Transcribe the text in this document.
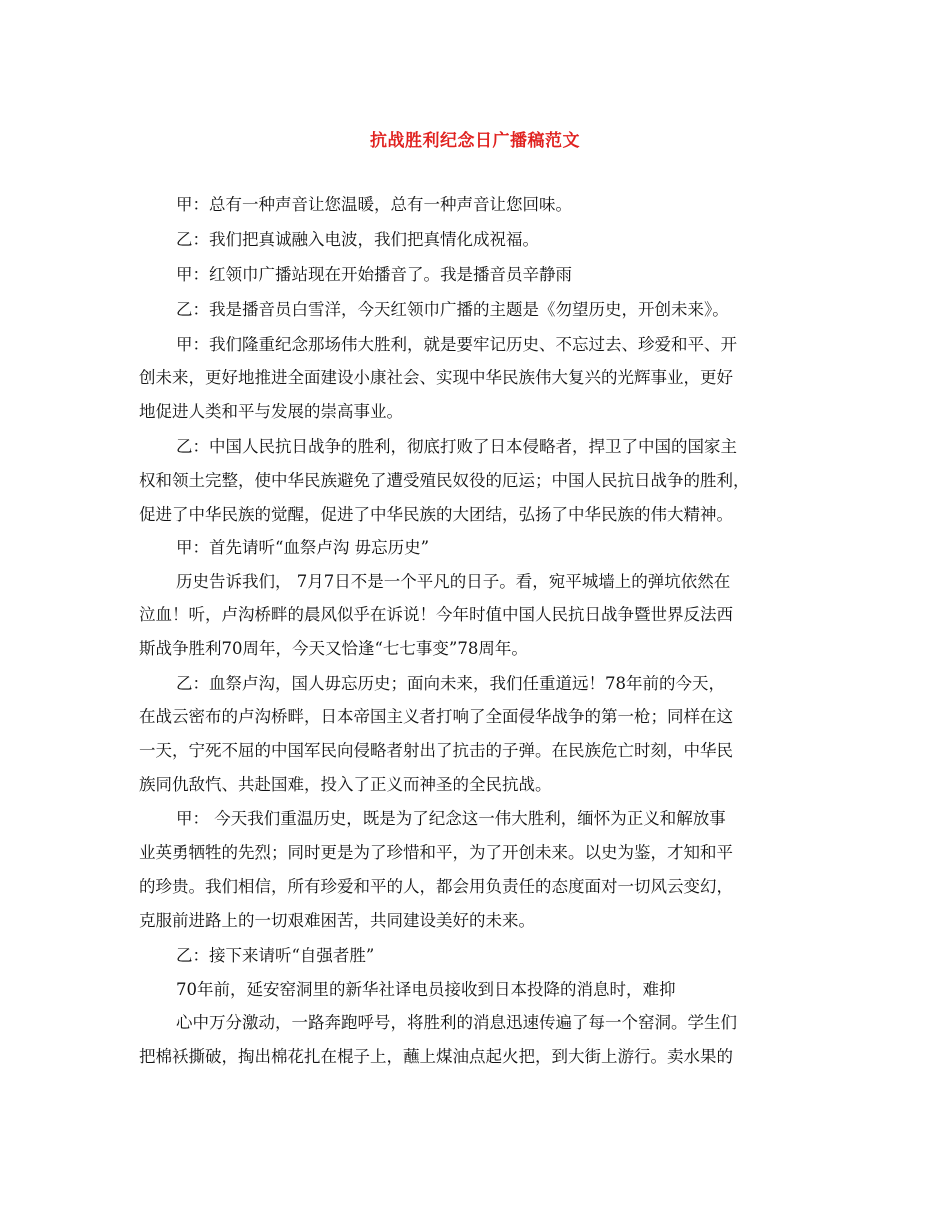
抗战胜利纪念日广播稿范文
甲：总有一种声音让您温暖，总有一种声音让您回味。
乙：我们把真诚融入电波，我们把真情化成祝福。
甲：红领巾广播站现在开始播音了。我是播音员辛静雨
乙：我是播音员白雪洋，今天红领巾广播的主题是《勿望历史，开创未来》。
甲：我们隆重纪念那场伟大胜利，就是要牢记历史、不忘过去、珍爱和平、开
创未来，更好地推进全面建设小康社会、实现中华民族伟大复兴的光辉事业，更好
地促进人类和平与发展的崇高事业。
乙：中国人民抗日战争的胜利，彻底打败了日本侵略者，捍卫了中国的国家主
权和领土完整，使中华民族避免了遭受殖民奴役的厄运；中国人民抗日战争的胜利，
促进了中华民族的觉醒，促进了中华民族的大团结，弘扬了中华民族的伟大精神。
甲：首先请听“血祭卢沟 毋忘历史”
历史告诉我们， 7月7日不是一个平凡的日子。看，宛平城墙上的弹坑依然在
泣血！听，卢沟桥畔的晨风似乎在诉说！今年时值中国人民抗日战争暨世界反法西
斯战争胜利70周年，今天又恰逢“七七事变”78周年。
乙：血祭卢沟，国人毋忘历史；面向未来，我们任重道远！78年前的今天，
在战云密布的卢沟桥畔，日本帝国主义者打响了全面侵华战争的第一枪；同样在这
一天，宁死不屈的中国军民向侵略者射出了抗击的子弹。在民族危亡时刻，中华民
族同仇敌忾、共赴国难，投入了正义而神圣的全民抗战。
甲： 今天我们重温历史，既是为了纪念这一伟大胜利，缅怀为正义和解放事
业英勇牺牲的先烈；同时更是为了珍惜和平，为了开创未来。以史为鉴，才知和平
的珍贵。我们相信，所有珍爱和平的人，都会用负责任的态度面对一切风云变幻，
克服前进路上的一切艰难困苦，共同建设美好的未来。
乙：接下来请听“自强者胜”
70年前，延安窑洞里的新华社译电员接收到日本投降的消息时，难抑
心中万分激动，一路奔跑呼号，将胜利的消息迅速传遍了每一个窑洞。学生们
把棉袄撕破，掏出棉花扎在棍子上，蘸上煤油点起火把，到大街上游行。卖水果的
